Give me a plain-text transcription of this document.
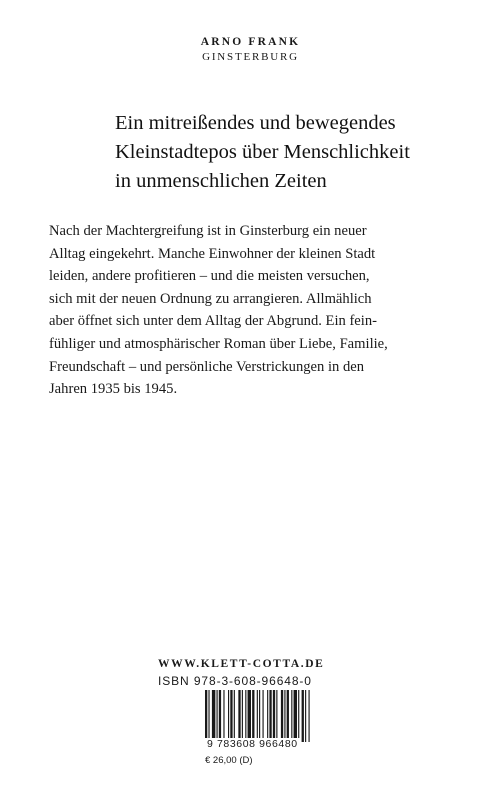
ARNO FRANK
GINSTERBURG
Ein mitreißendes und bewegendes
Kleinstadtepos über Menschlichkeit
in unmenschlichen Zeiten
Nach der Machtergreifung ist in Ginsterburg ein neuer
Alltag eingekehrt. Manche Einwohner der kleinen Stadt
leiden, andere profitieren – und die meisten versuchen,
sich mit der neuen Ordnung zu arrangieren. Allmählich
aber öffnet sich unter dem Alltag der Abgrund. Ein fein-
fühliger und atmosphärischer Roman über Liebe, Familie,
Freundschaft – und persönliche Verstrickungen in den
Jahren 1935 bis 1945.
WWW.KLETT-COTTA.DE
ISBN 978-3-608-96648-0
9 783608 966480
€ 26,00 (D)
